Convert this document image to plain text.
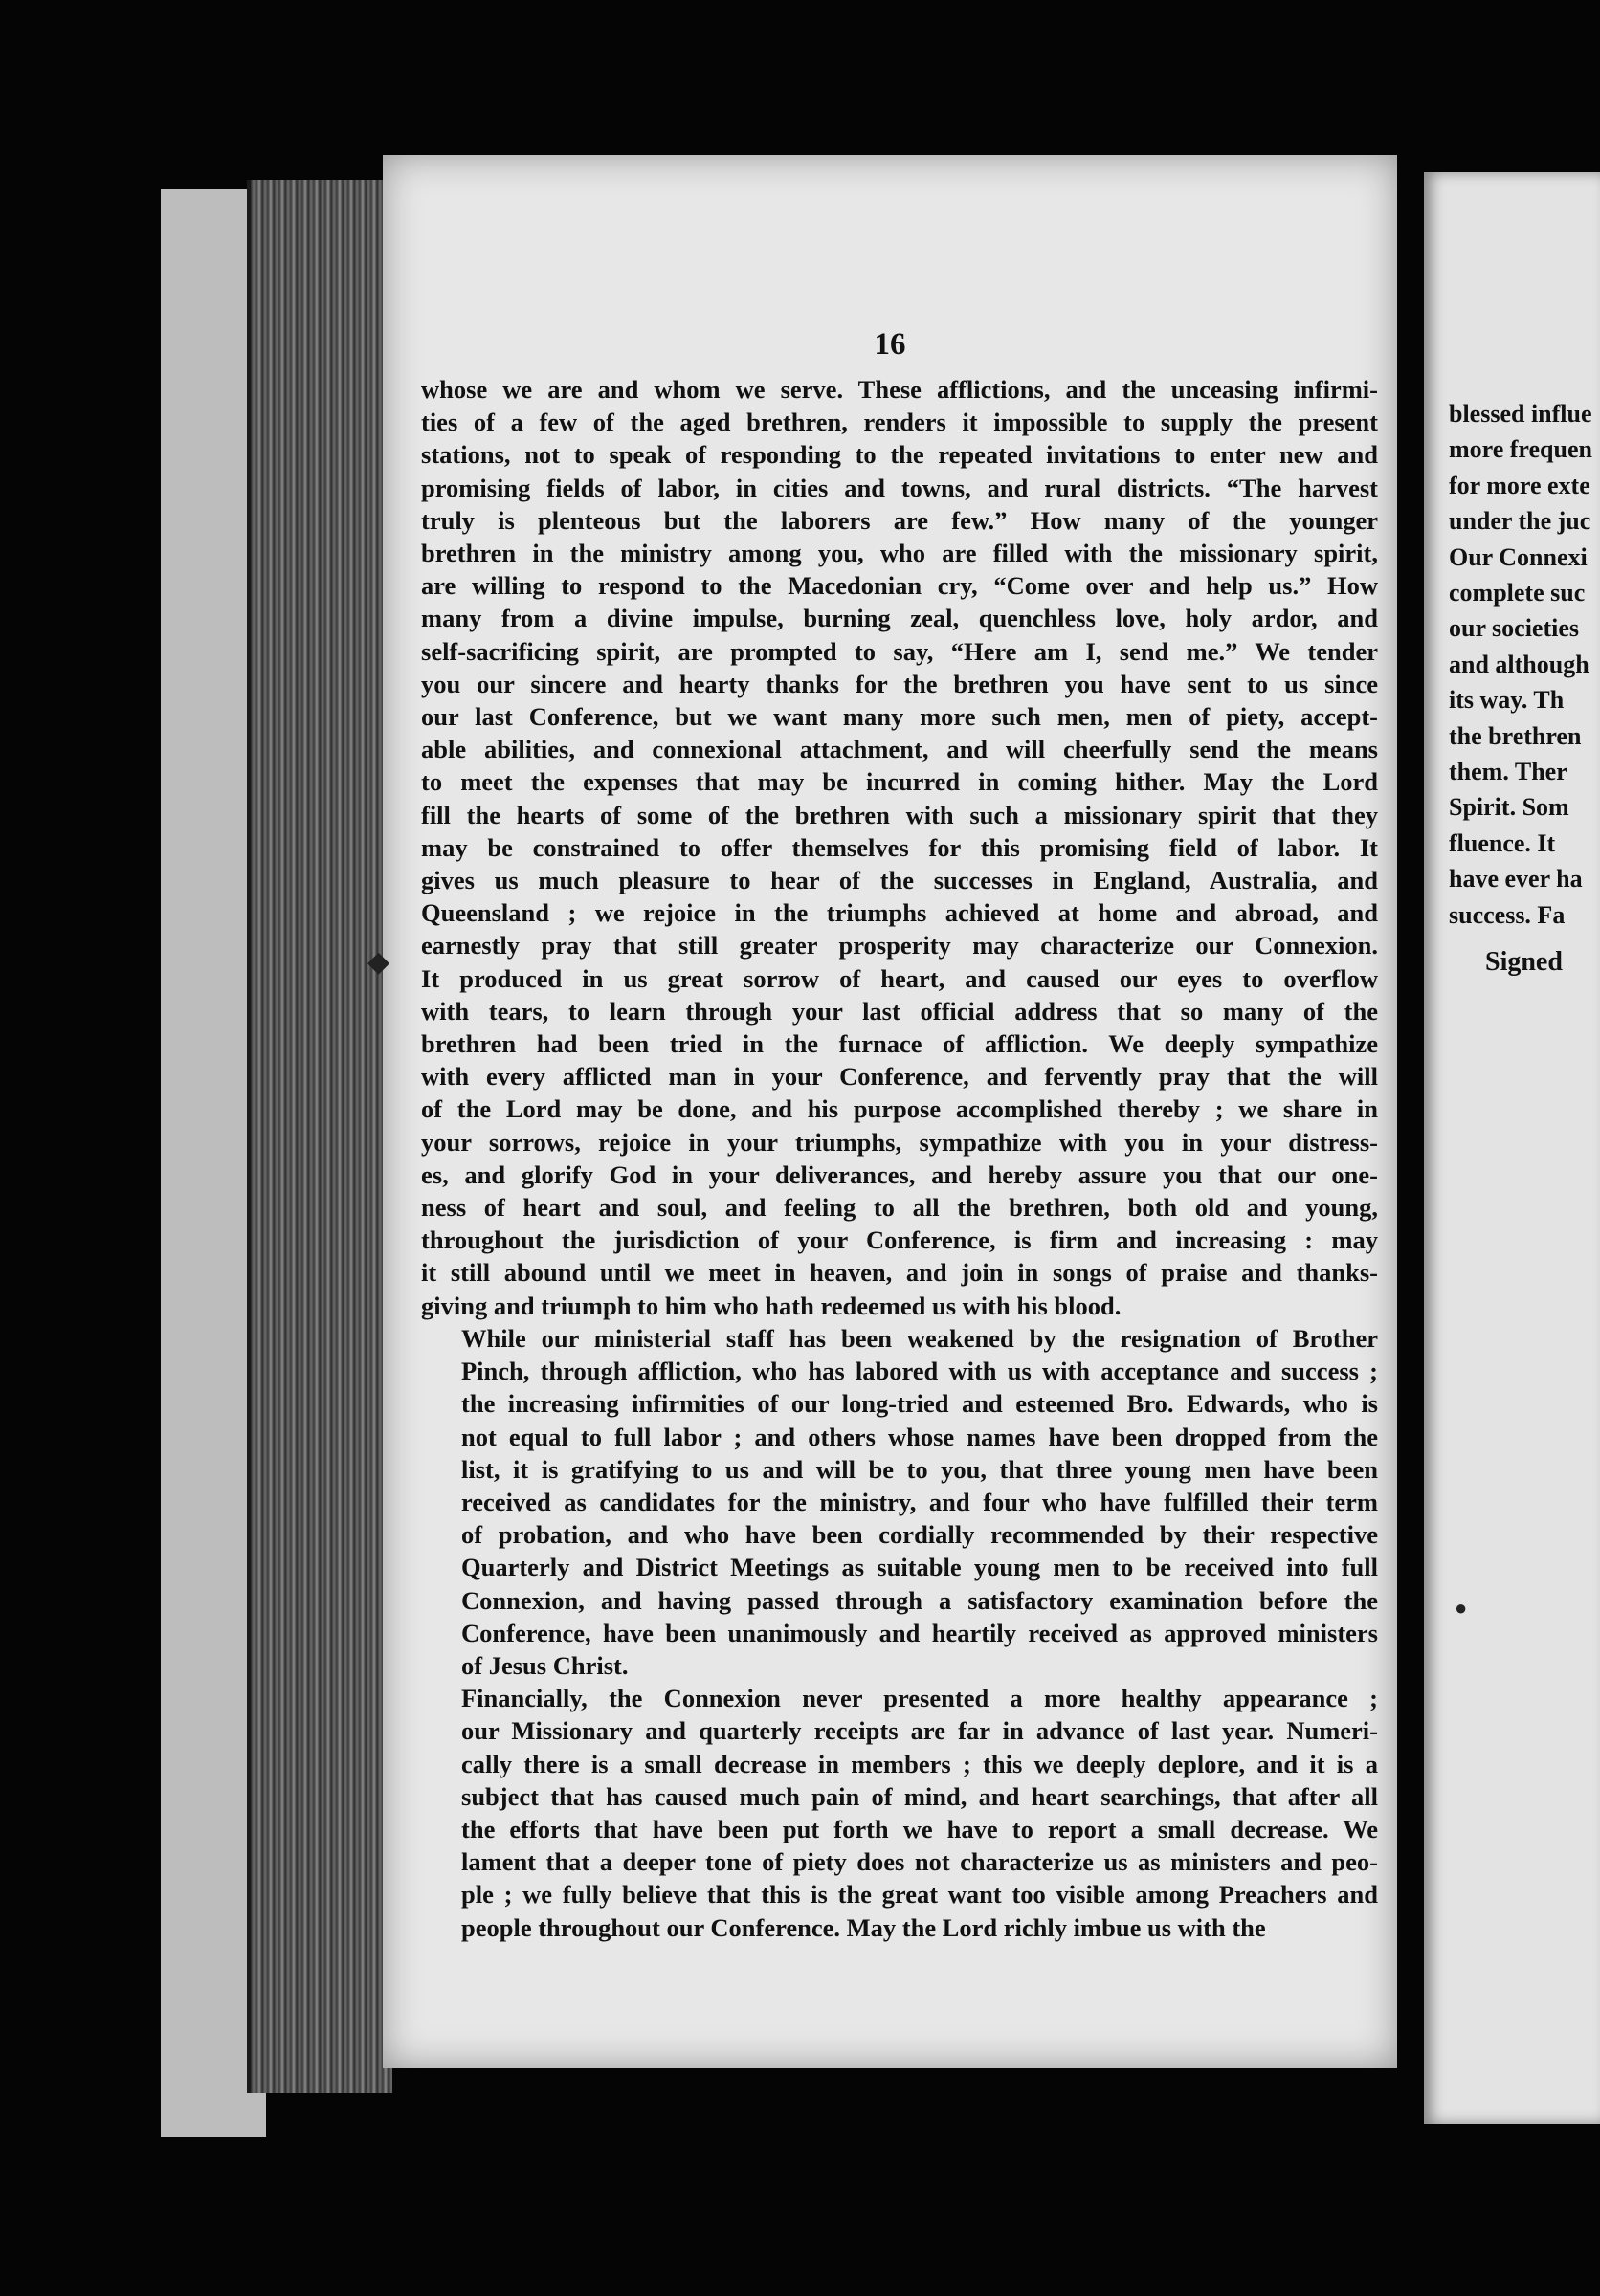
16

whose we are and whom we serve. These afflictions, and the unceasing infirmi-
ties of a few of the aged brethren, renders it impossible to supply the present
stations, not to speak of responding to the repeated invitations to enter new and
promising fields of labor, in cities and towns, and rural districts. “The harvest
truly is plenteous but the laborers are few.” How many of the younger
brethren in the ministry among you, who are filled with the missionary spirit,
are willing to respond to the Macedonian cry, “Come over and help us.” How
many from a divine impulse, burning zeal, quenchless love, holy ardor, and
self-sacrificing spirit, are prompted to say, “Here am I, send me.” We tender
you our sincere and hearty thanks for the brethren you have sent to us since
our last Conference, but we want many more such men, men of piety, accept-
able abilities, and connexional attachment, and will cheerfully send the means
to meet the expenses that may be incurred in coming hither. May the Lord
fill the hearts of some of the brethren with such a missionary spirit that they
may be constrained to offer themselves for this promising field of labor. It
gives us much pleasure to hear of the successes in England, Australia, and
Queensland ; we rejoice in the triumphs achieved at home and abroad, and
earnestly pray that still greater prosperity may characterize our Connexion.
It produced in us great sorrow of heart, and caused our eyes to overflow
with tears, to learn through your last official address that so many of the
brethren had been tried in the furnace of affliction. We deeply sympathize
with every afflicted man in your Conference, and fervently pray that the will
of the Lord may be done, and his purpose accomplished thereby ; we share in
your sorrows, rejoice in your triumphs, sympathize with you in your distress-
es, and glorify God in your deliverances, and hereby assure you that our one-
ness of heart and soul, and feeling to all the brethren, both old and young,
throughout the jurisdiction of your Conference, is firm and increasing : may
it still abound until we meet in heaven, and join in songs of praise and thanks-
giving and triumph to him who hath redeemed us with his blood.

While our ministerial staff has been weakened by the resignation of Brother
Pinch, through affliction, who has labored with us with acceptance and success ;
the increasing infirmities of our long-tried and esteemed Bro. Edwards, who is
not equal to full labor ; and others whose names have been dropped from the
list, it is gratifying to us and will be to you, that three young men have been
received as candidates for the ministry, and four who have fulfilled their term
of probation, and who have been cordially recommended by their respective
Quarterly and District Meetings as suitable young men to be received into full
Connexion, and having passed through a satisfactory examination before the
Conference, have been unanimously and heartily received as approved ministers
of Jesus Christ.

Financially, the Connexion never presented a more healthy appearance ;
our Missionary and quarterly receipts are far in advance of last year. Numeri-
cally there is a small decrease in members ; this we deeply deplore, and it is a
subject that has caused much pain of mind, and heart searchings, that after all
the efforts that have been put forth we have to report a small decrease. We
lament that a deeper tone of piety does not characterize us as ministers and peo-
ple ; we fully believe that this is the great want too visible among Preachers and
people throughout our Conference. May the Lord richly imbue us with the

blessed influe
more frequen
for more exte
under the juc
Our Connexi
complete suc
our societies
and although
its way. Th
the brethren
them. Ther
Spirit. Som
fluence. It
have ever ha
success. Fa
Signed
◆
●
